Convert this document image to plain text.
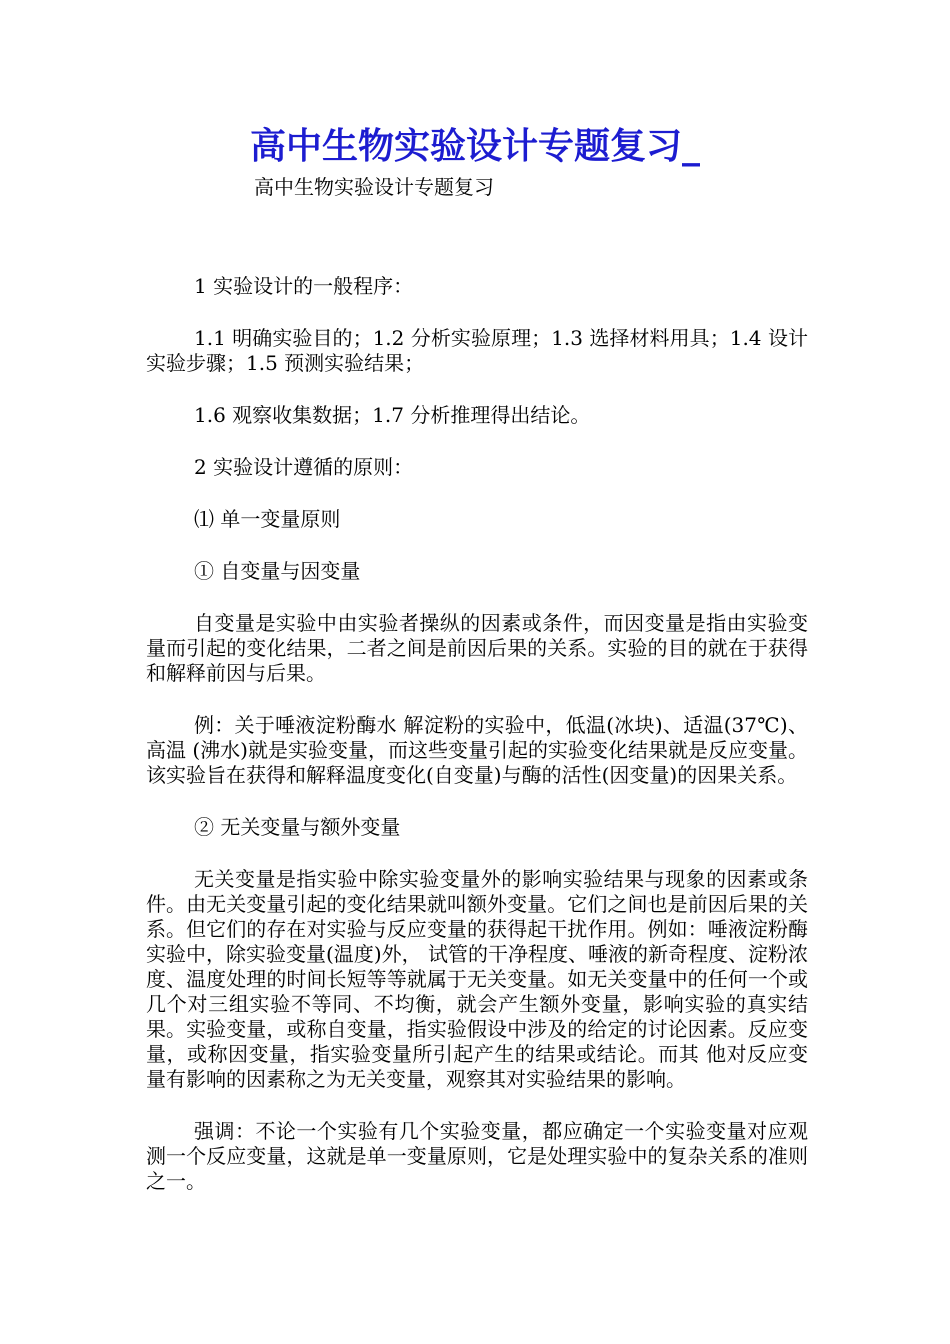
高中生物实验设计专题复习_
高中生物实验设计专题复习

1 实验设计的一般程序：

1.1 明确实验目的；1.2 分析实验原理；1.3 选择材料用具；1.4 设计实验步骤；1.5 预测实验结果；

1.6 观察收集数据；1.7 分析推理得出结论。

2 实验设计遵循的原则：

⑴ 单一变量原则

① 自变量与因变量

自变量是实验中由实验者操纵的因素或条件，而因变量是指由实验变量而引起的变化结果，二者之间是前因后果的关系。实验的目的就在于获得和解释前因与后果。

例：关于唾液淀粉酶水 解淀粉的实验中，低温(冰块)、适温(37℃)、高温 (沸水)就是实验变量，而这些变量引起的实验变化结果就是反应变量。该实验旨在获得和解释温度变化(自变量)与酶的活性(因变量)的因果关系。

② 无关变量与额外变量

无关变量是指实验中除实验变量外的影响实验结果与现象的因素或条件。由无关变量引起的变化结果就叫额外变量。它们之间也是前因后果的关系。但它们的存在对实验与反应变量的获得起干扰作用。例如：唾液淀粉酶实验中，除实验变量(温度)外， 试管的干净程度、唾液的新奇程度、淀粉浓度、温度处理的时间长短等等就属于无关变量。如无关变量中的任何一个或几个对三组实验不等同、不均衡，就会产生额外变量，影响实验的真实结果。实验变量，或称自变量，指实验假设中涉及的给定的讨论因素。反应变量，或称因变量，指实验变量所引起产生的结果或结论。而其 他对反应变量有影响的因素称之为无关变量，观察其对实验结果的影响。

强调：不论一个实验有几个实验变量，都应确定一个实验变量对应观测一个反应变量，这就是单一变量原则，它是处理实验中的复杂关系的准则之一。
